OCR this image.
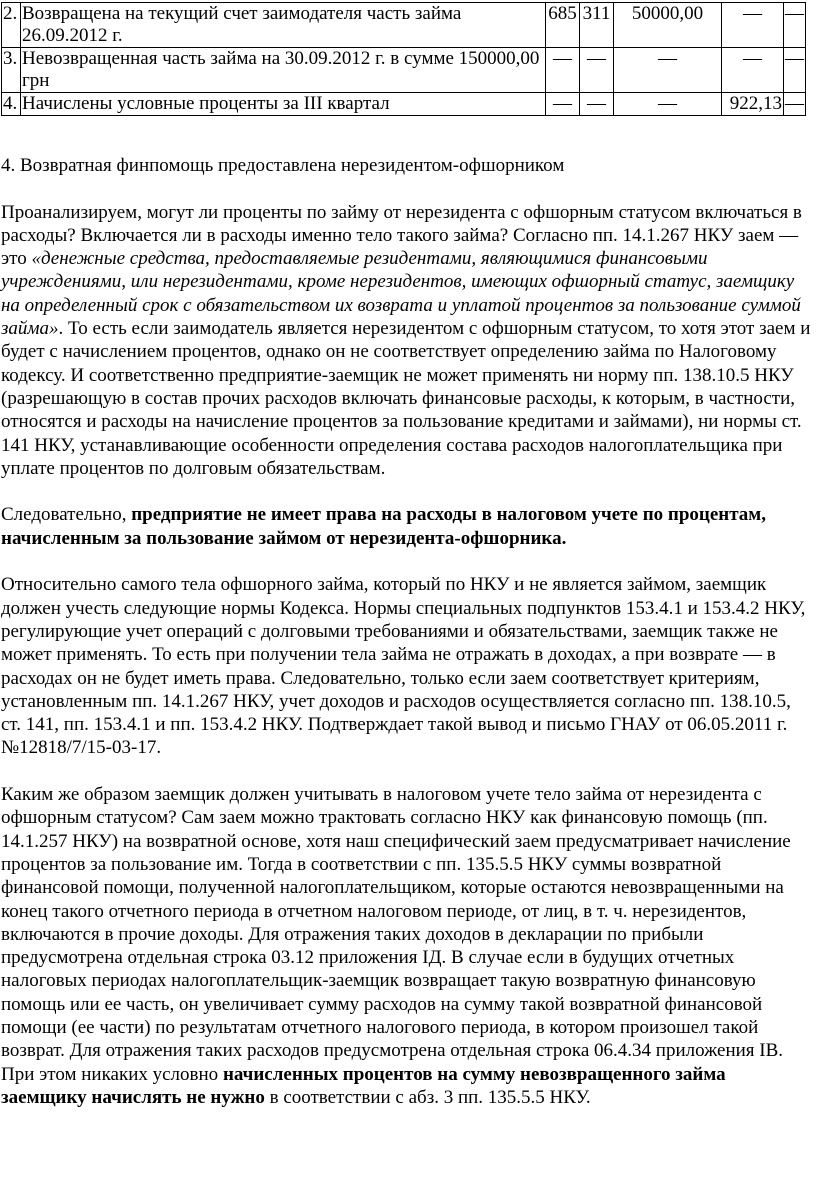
2.	Возвращена на текущий счет заимодателя часть займа 26.09.2012 г.	685	311	50000,00	—	—
3.	Невозвращенная часть займа на 30.09.2012 г. в сумме 150000,00 грн	—	—	—	—	—
4.	Начислены условные проценты за III квартал	—	—	—	922,13	—

4. Возвратная финпомощь предоставлена нерезидентом-офшорником

Проанализируем, могут ли проценты по займу от нерезидента с офшорным статусом включаться в расходы? Включается ли в расходы именно тело такого займа? Согласно пп. 14.1.267 НКУ заем — это «денежные средства, предоставляемые резидентами, являющимися финансовыми учреждениями, или нерезидентами, кроме нерезидентов, имеющих офшорный статус, заемщику на определенный срок с обязательством их возврата и уплатой процентов за пользование суммой займа». То есть если заимодатель является нерезидентом с офшорным статусом, то хотя этот заем и будет с начислением процентов, однако он не соответствует определению займа по Налоговому кодексу. И соответственно предприятие-заемщик не может применять ни норму пп. 138.10.5 НКУ (разрешающую в состав прочих расходов включать финансовые расходы, к которым, в частности, относятся и расходы на начисление процентов за пользование кредитами и займами), ни нормы ст. 141 НКУ, устанавливающие особенности определения состава расходов налогоплательщика при уплате процентов по долговым обязательствам.

Следовательно, предприятие не имеет права на расходы в налоговом учете по процентам, начисленным за пользование займом от нерезидента-офшорника.

Относительно самого тела офшорного займа, который по НКУ и не является займом, заемщик должен учесть следующие нормы Кодекса. Нормы специальных подпунктов 153.4.1 и 153.4.2 НКУ, регулирующие учет операций с долговыми требованиями и обязательствами, заемщик также не может применять. То есть при получении тела займа не отражать в доходах, а при возврате — в расходах он не будет иметь права. Следовательно, только если заем соответствует критериям, установленным пп. 14.1.267 НКУ, учет доходов и расходов осуществляется согласно пп. 138.10.5, ст. 141, пп. 153.4.1 и пп. 153.4.2 НКУ. Подтверждает такой вывод и письмо ГНАУ от 06.05.2011 г. №12818/7/15-03-17.

Каким же образом заемщик должен учитывать в налоговом учете тело займа от нерезидента с офшорным статусом? Сам заем можно трактовать согласно НКУ как финансовую помощь (пп. 14.1.257 НКУ) на возвратной основе, хотя наш специфический заем предусматривает начисление процентов за пользование им. Тогда в соответствии с пп. 135.5.5 НКУ суммы возвратной финансовой помощи, полученной налогоплательщиком, которые остаются невозвращенными на конец такого отчетного периода в отчетном налоговом периоде, от лиц, в т. ч. нерезидентов, включаются в прочие доходы. Для отражения таких доходов в декларации по прибыли предусмотрена отдельная строка 03.12 приложения ІД. В случае если в будущих отчетных налоговых периодах налогоплательщик-заемщик возвращает такую возвратную финансовую помощь или ее часть, он увеличивает сумму расходов на сумму такой возвратной финансовой помощи (ее части) по результатам отчетного налогового периода, в котором произошел такой возврат. Для отражения таких расходов предусмотрена отдельная строка 06.4.34 приложения ІВ. При этом никаких условно начисленных процентов на сумму невозвращенного займа заемщику начислять не нужно в соответствии с абз. 3 пп. 135.5.5 НКУ.
